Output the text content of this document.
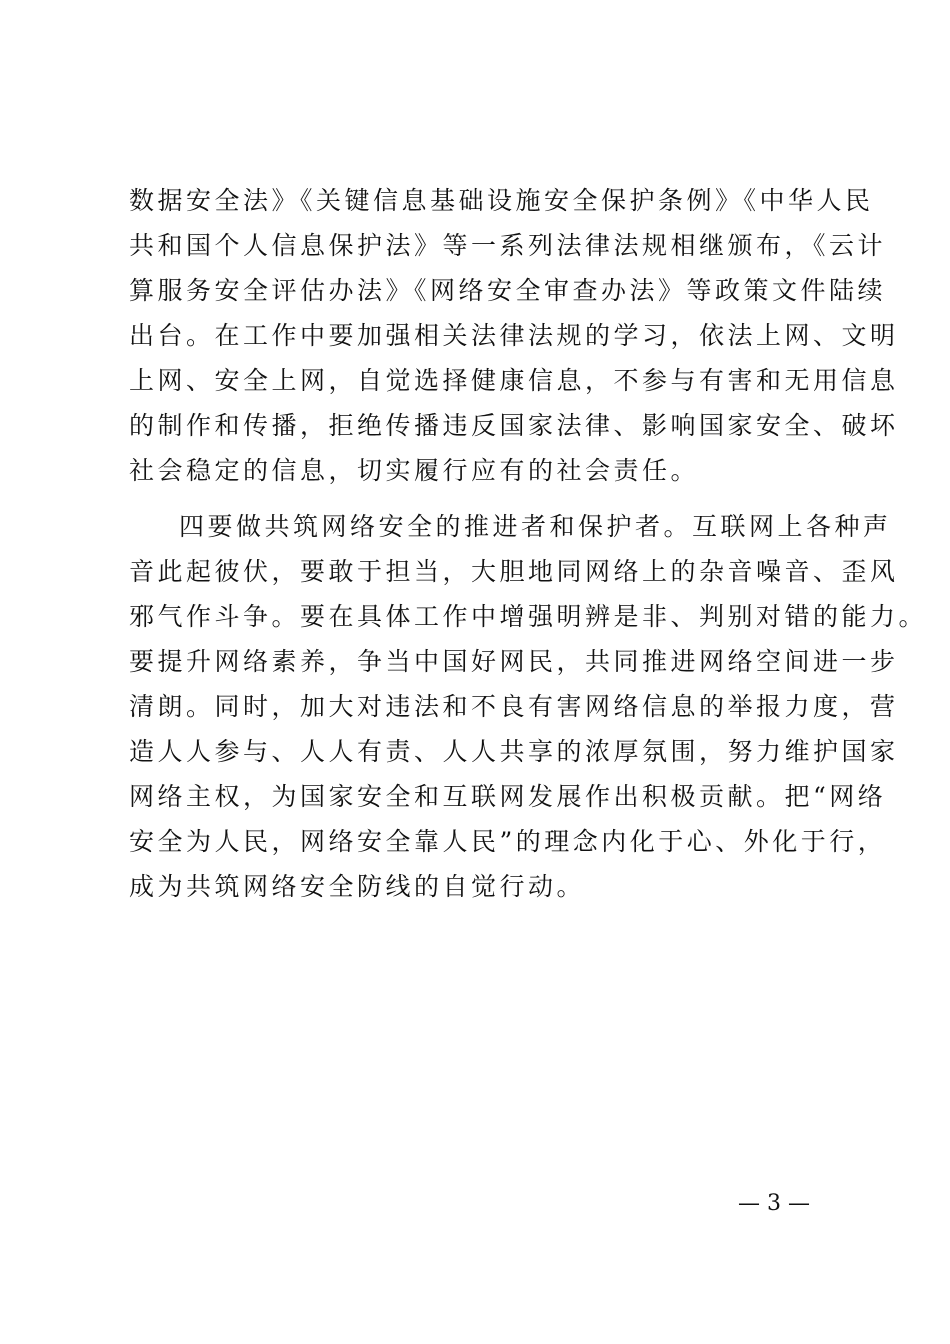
数据安全法》《关键信息基础设施安全保护条例》《中华人民
共和国个人信息保护法》等一系列法律法规相继颁布，《云计
算服务安全评估办法》《网络安全审查办法》等政策文件陆续
出台。在工作中要加强相关法律法规的学习，依法上网、文明
上网、安全上网，自觉选择健康信息，不参与有害和无用信息
的制作和传播，拒绝传播违反国家法律、影响国家安全、破坏
社会稳定的信息，切实履行应有的社会责任。
四要做共筑网络安全的推进者和保护者。互联网上各种声
音此起彼伏，要敢于担当，大胆地同网络上的杂音噪音、歪风
邪气作斗争。要在具体工作中增强明辨是非、判别对错的能力。
要提升网络素养，争当中国好网民，共同推进网络空间进一步
清朗。同时，加大对违法和不良有害网络信息的举报力度，营
造人人参与、人人有责、人人共享的浓厚氛围，努力维护国家
网络主权，为国家安全和互联网发展作出积极贡献。把“网络
安全为人民，网络安全靠人民”的理念内化于心、外化于行，
成为共筑网络安全防线的自觉行动。
— 3 —
